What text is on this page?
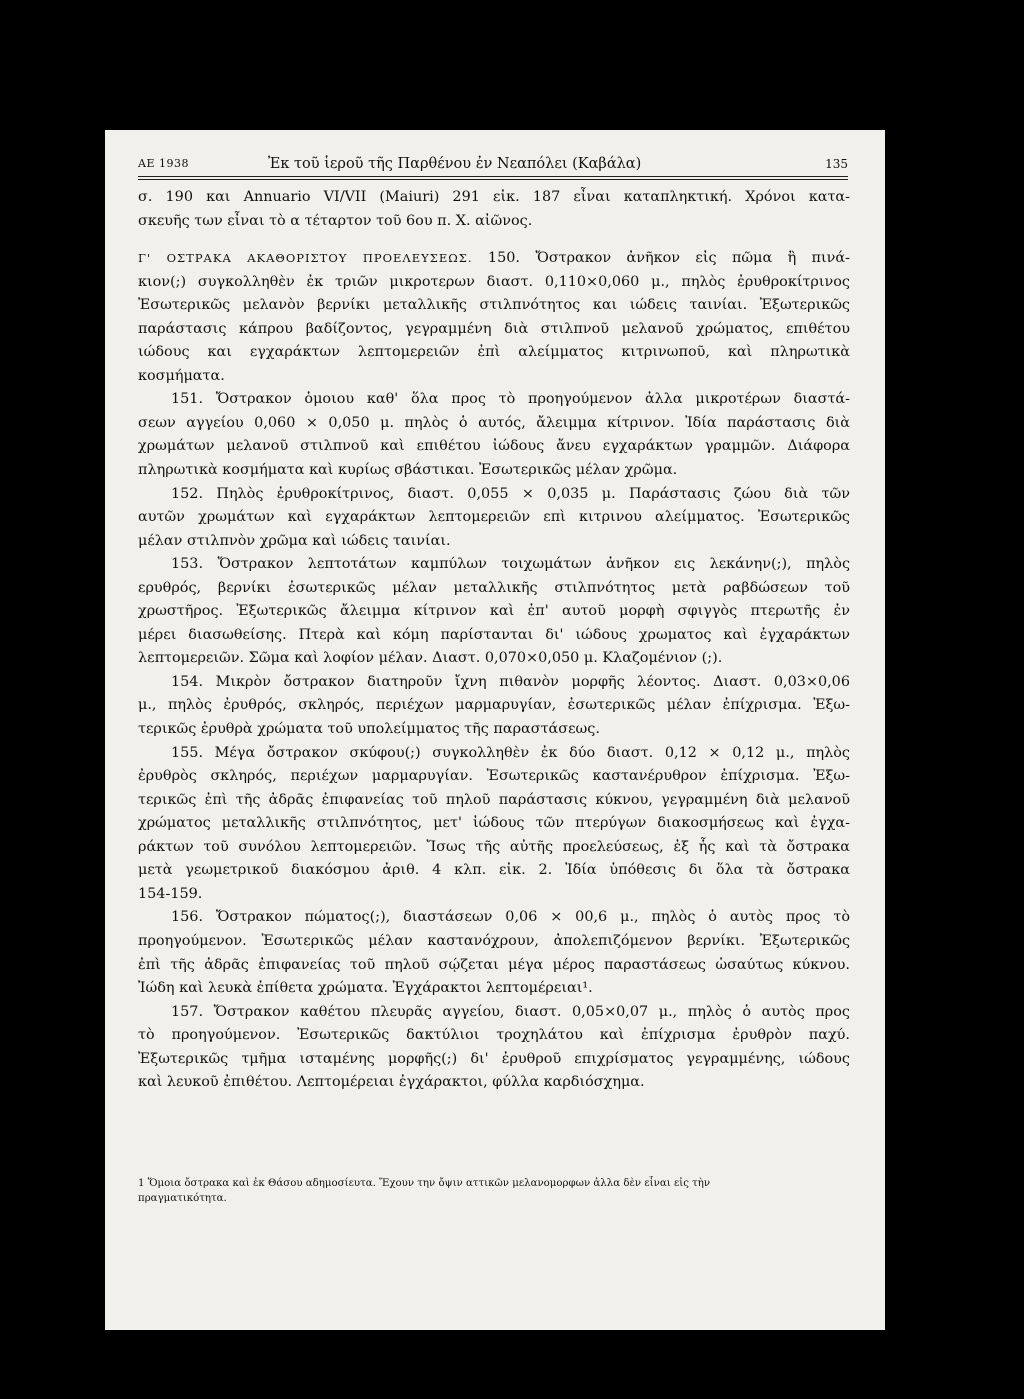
ΑΕ 1938	Ἐκ τοῦ ἱεροῦ τῆς Παρθένου ἐν Νεαπόλει (Καβάλα)	135
σ. 190 και Annuario VI/VII (Maiuri) 291 εἰκ. 187 εἶναι καταπληκτική. Χρόνοι κατα-
σκευῆς των εἶναι τὸ α τέταρτον τοῦ 6ου π. Χ. αἰῶνος.
Γ' ΟΣΤΡΑΚΑ ΑΚΑΘΟΡΙΣΤΟΥ ΠΡΟΕΛΕΥΣΕΩΣ. 150. Ὄστρακον ἀνῆκον εἰς πῶμα ἢ πινά-
κιον(;) συγκολληθὲν ἐκ τριῶν μικροτερων διαστ. 0,110×0,060 μ., πηλὸς ἐρυθροκίτρινος
Ἐσωτερικῶς μελανὸν βερνίκι μεταλλικῆς στιλπνότητος και ιώδεις ταινίαι. Ἐξωτερικῶς
παράστασις κάπρου βαδίζοντος, γεγραμμένη διὰ στιλπνοῦ μελανοῦ χρώματος, επιθέτου
ιώδους και εγχαράκτων λεπτομερειῶν ἐπὶ αλείμματος κιτρινωποῦ, καὶ πληρωτικὰ
κοσμήματα.
151. Ὄστρακον ὁμοιου καθ' ὅλα προς τὸ προηγούμενον ἀλλα μικροτέρων διαστά-
σεων αγγείου 0,060 × 0,050 μ. πηλὸς ὁ αυτός, ἄλειμμα κίτρινον. Ἰδία παράστασις διὰ
χρωμάτων μελανοῦ στιλπνοῦ καὶ επιθέτου ἰώδους ἄνευ εγχαράκτων γραμμῶν. Διάφορα
πληρωτικὰ κοσμήματα καὶ κυρίως σβάστικαι. Ἐσωτερικῶς μέλαν χρῶμα.
152. Πηλὸς ἐρυθροκίτρινος, διαστ. 0,055 × 0,035 μ. Παράστασις ζώου διὰ τῶν
αυτῶν χρωμάτων καὶ εγχαράκτων λεπτομερειῶν επὶ κιτρινου αλείμματος. Ἐσωτερικῶς
μέλαν στιλπνὸν χρῶμα καὶ ιώδεις ταινίαι.
153. Ὄστρακον λεπτοτάτων καμπύλων τοιχωμάτων ἀνῆκον εις λεκάνην(;), πηλὸς
ερυθρός, βερνίκι ἐσωτερικῶς μέλαν μεταλλικῆς στιλπνότητος μετὰ ραβδώσεων τοῦ
χρωστῆρος. Ἐξωτερικῶς ἄλειμμα κίτρινον καὶ ἐπ' αυτοῦ μορφὴ σφιγγὸς πτερωτῆς ἐν
μέρει διασωθείσης. Πτερὰ καὶ κόμη παρίστανται δι' ιώδους χρωματος καὶ ἐγχαράκτων
λεπτομερειῶν. Σῶμα καὶ λοφίον μέλαν. Διαστ. 0,070×0,050 μ. Κλαζομένιον (;).
154. Μικρὸν ὄστρακον διατηροῦν ἴχνη πιθανὸν μορφῆς λέοντος. Διαστ. 0,03×0,06
μ., πηλὸς ἐρυθρός, σκληρός, περιέχων μαρμαρυγίαν, ἐσωτερικῶς μέλαν ἐπίχρισμα. Ἐξω-
τερικῶς ἐρυθρὰ χρώματα τοῦ υπολείμματος τῆς παραστάσεως.
155. Μέγα ὄστρακον σκύφου(;) συγκολληθὲν ἐκ δύο διαστ. 0,12 × 0,12 μ., πηλὸς
ἐρυθρὸς σκληρός, περιέχων μαρμαρυγίαν. Ἐσωτερικῶς καστανέρυθρον ἐπίχρισμα. Ἐξω-
τερικῶς ἐπὶ τῆς ἀδρᾶς ἐπιφανείας τοῦ πηλοῦ παράστασις κύκνου, γεγραμμένη διὰ μελανοῦ
χρώματος μεταλλικῆς στιλπνότητος, μετ' ἰώδους τῶν πτερύγων διακοσμήσεως καὶ ἐγχα-
ράκτων τοῦ συνόλου λεπτομερειῶν. Ἴσως τῆς αὐτῆς προελεύσεως, ἐξ ἧς καὶ τὰ ὄστρακα
μετὰ γεωμετρικοῦ διακόσμου ἀριθ. 4 κλπ. εἰκ. 2. Ἰδία ὑπόθεσις δι ὅλα τὰ ὄστρακα
154-159.
156. Ὄστρακον πώματος(;), διαστάσεων 0,06 × 00,6 μ., πηλὸς ὁ αυτὸς προς τὸ
προηγούμενον. Ἐσωτερικῶς μέλαν καστανόχρουν, ἀπολεπιζόμενον βερνίκι. Ἐξωτερικῶς
ἐπὶ τῆς ἀδρᾶς ἐπιφανείας τοῦ πηλοῦ σῴζεται μέγα μέρος παραστάσεως ὡσαύτως κύκνου.
Ἰώδη καὶ λευκὰ ἐπίθετα χρώματα. Ἐγχάρακτοι λεπτομέρειαι¹.
157. Ὄστρακον καθέτου πλευρᾶς αγγείου, διαστ. 0,05×0,07 μ., πηλὸς ὁ αυτὸς προς
τὸ προηγούμενον. Ἐσωτερικῶς δακτύλιοι τροχηλάτου καὶ ἐπίχρισμα ἐρυθρὸν παχύ.
Ἐξωτερικῶς τμῆμα ισταμένης μορφῆς(;) δι' ἐρυθροῦ επιχρίσματος γεγραμμένης, ιώδους
καὶ λευκοῦ ἐπιθέτου. Λεπτομέρειαι ἐγχάρακτοι, φύλλα καρδιόσχημα.
1 Ὅμοια ὄστρακα καὶ ἐκ Θάσου αδημοσίευτα. Ἔχουν την ὄψιν αττικῶν μελανομορφων ἀλλα δὲν εἶναι εἰς τὴν
πραγματικότητα.
